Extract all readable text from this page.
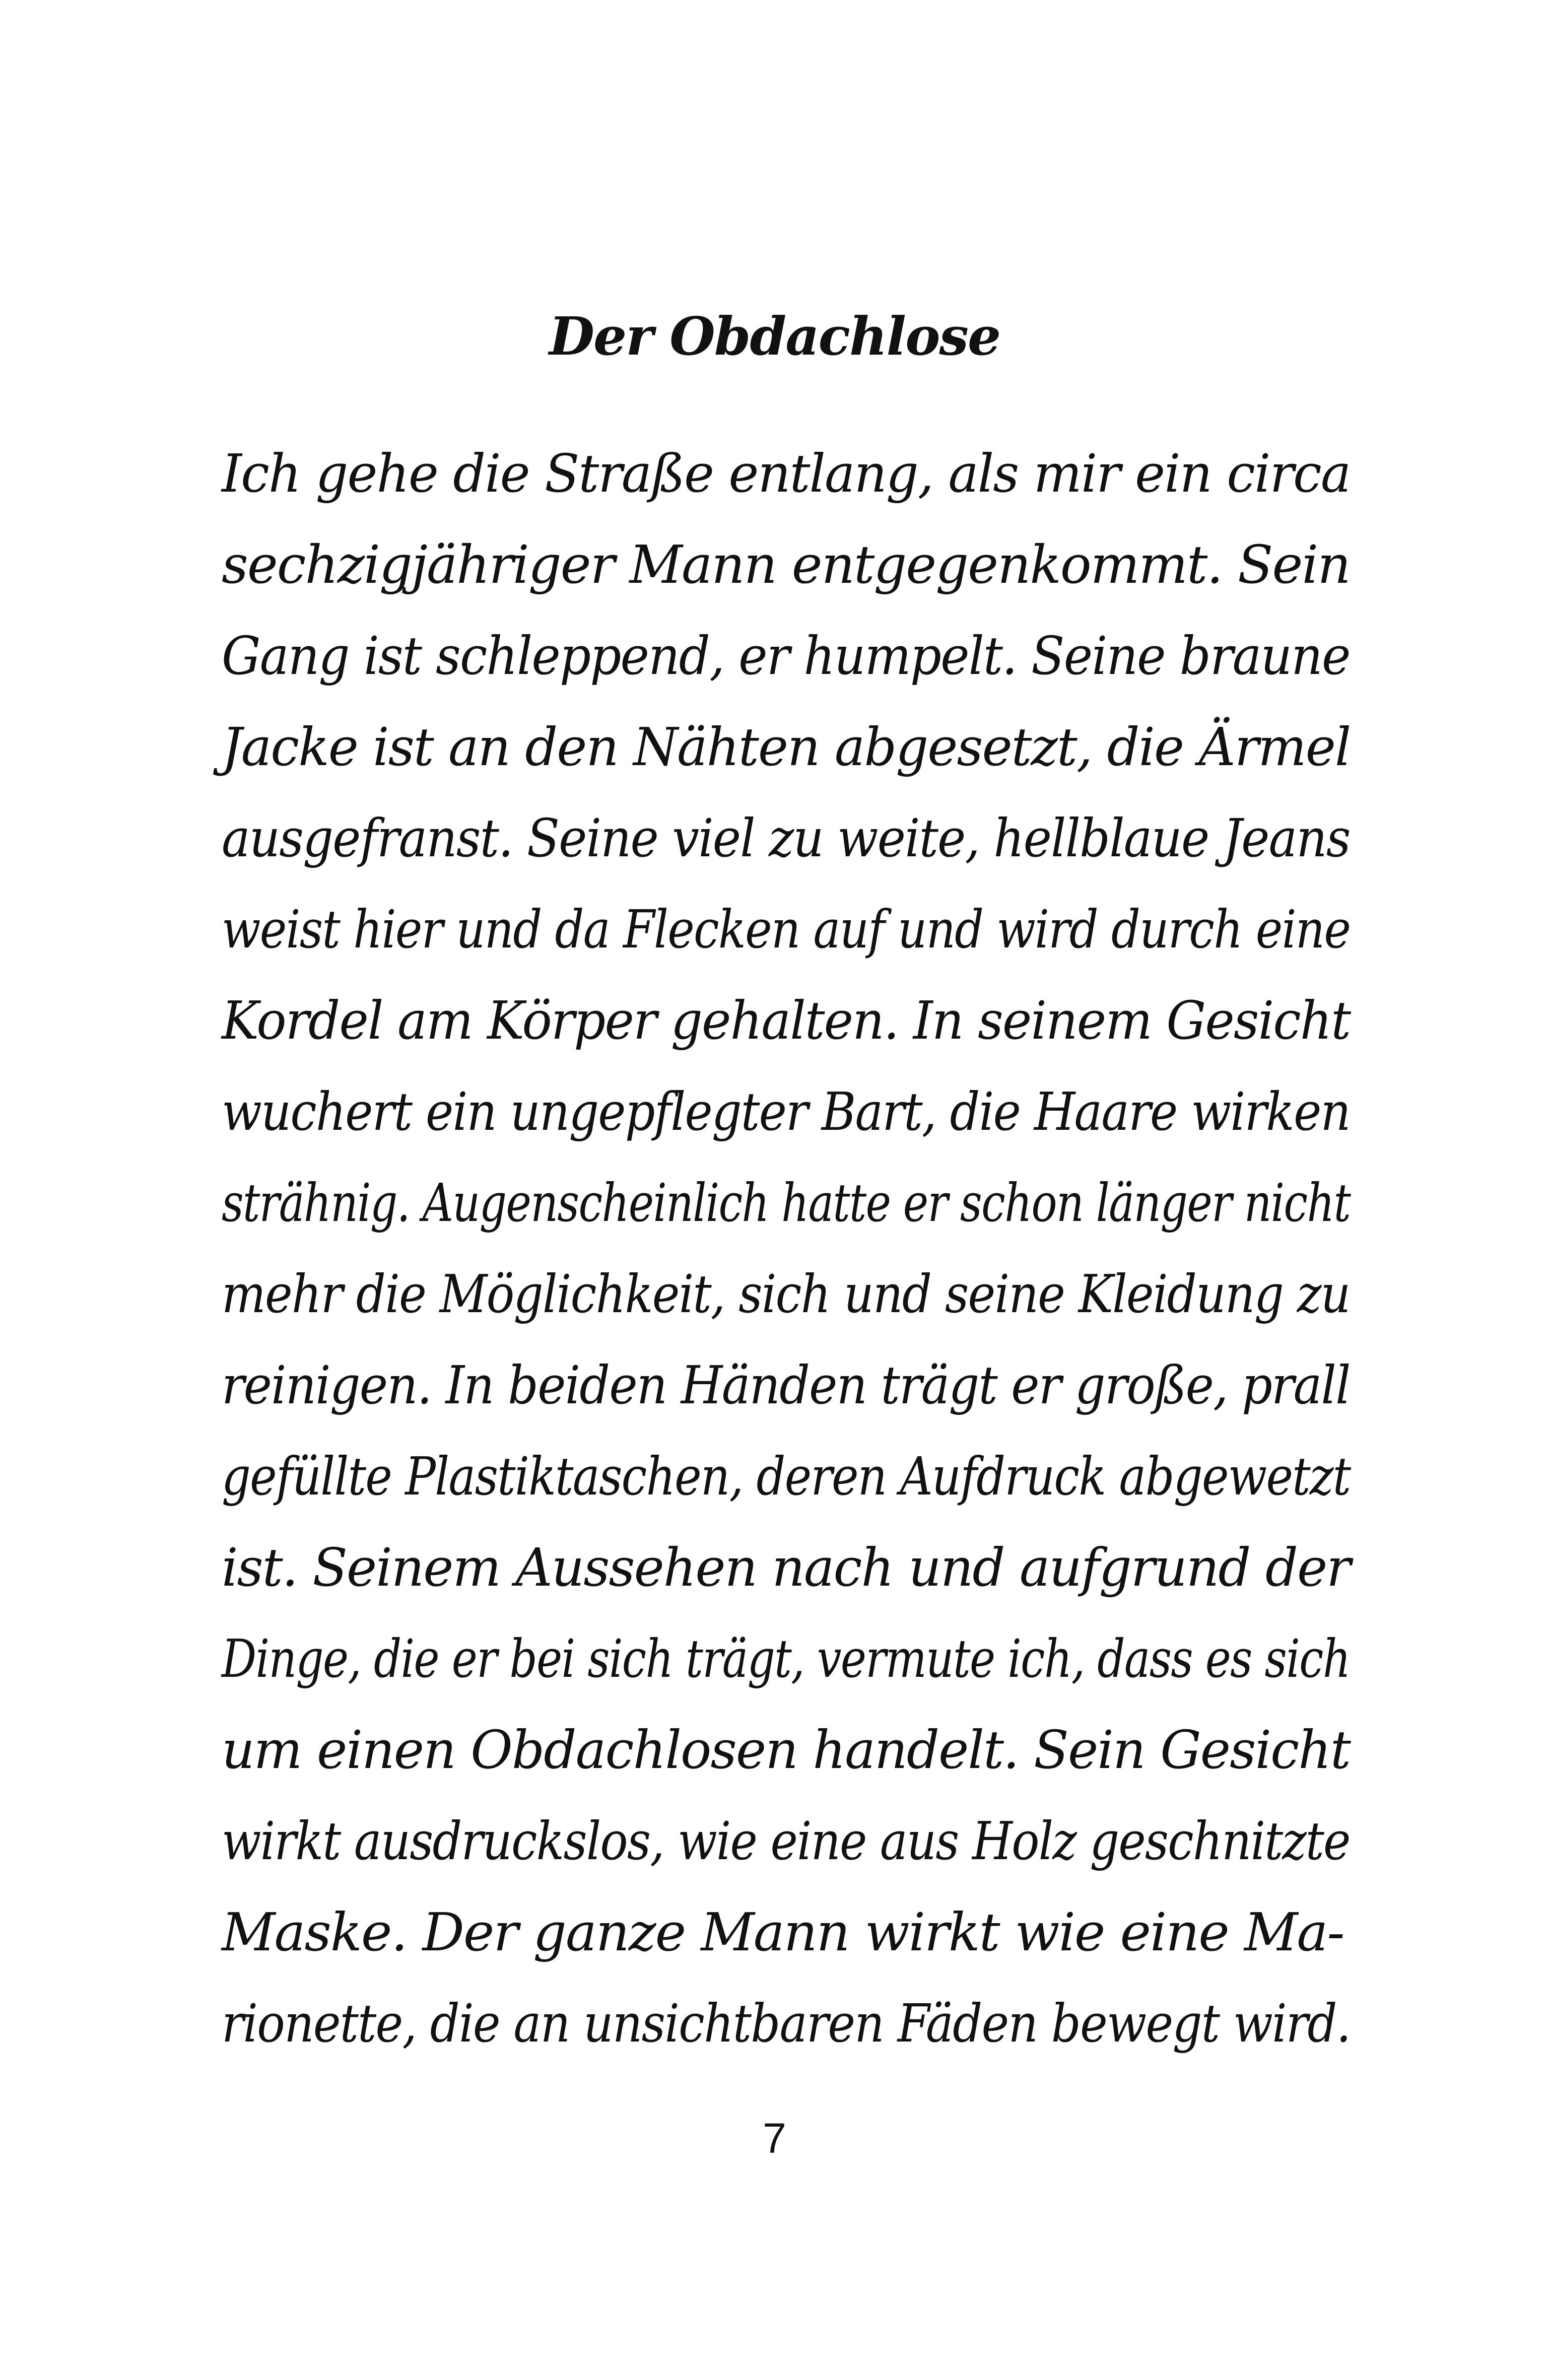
Der Obdachlose
Ich gehe die Straße entlang, als mir ein circa
sechzigjähriger Mann entgegenkommt. Sein
Gang ist schleppend, er humpelt. Seine braune
Jacke ist an den Nähten abgesetzt, die Ärmel
ausgefranst. Seine viel zu weite, hellblaue Jeans
weist hier und da Flecken auf und wird durch eine
Kordel am Körper gehalten. In seinem Gesicht
wuchert ein ungepflegter Bart, die Haare wirken
strähnig. Augenscheinlich hatte er schon länger nicht
mehr die Möglichkeit, sich und seine Kleidung zu
reinigen. In beiden Händen trägt er große, prall
gefüllte Plastiktaschen, deren Aufdruck abgewetzt
ist. Seinem Aussehen nach und aufgrund der
Dinge, die er bei sich trägt, vermute ich, dass es sich
um einen Obdachlosen handelt. Sein Gesicht
wirkt ausdruckslos, wie eine aus Holz geschnitzte
Maske. Der ganze Mann wirkt wie eine Ma-
rionette, die an unsichtbaren Fäden bewegt wird.

7
